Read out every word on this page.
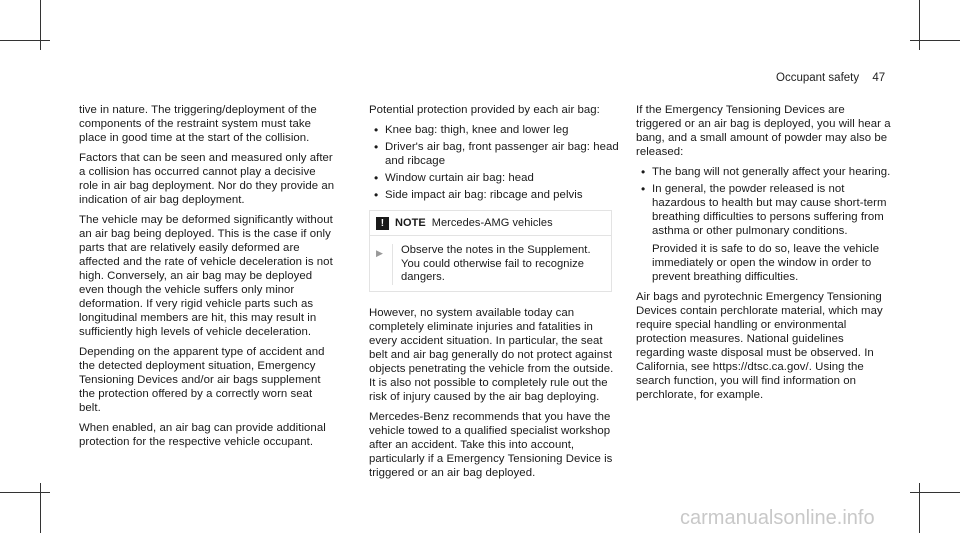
Occupant safety 47

tive in nature. The triggering/deployment of the components of the restraint system must take place in good time at the start of the collision.

Factors that can be seen and measured only after a collision has occurred cannot play a decisive role in air bag deployment. Nor do they provide an indication of air bag deployment.

The vehicle may be deformed significantly without an air bag being deployed. This is the case if only parts that are relatively easily deformed are affected and the rate of vehicle deceleration is not high. Conversely, an air bag may be deployed even though the vehicle suffers only minor deformation. If very rigid vehicle parts such as longitudinal members are hit, this may result in sufficiently high levels of vehicle deceleration.

Depending on the apparent type of accident and the detected deployment situation, Emergency Tensioning Devices and/or air bags supplement the protection offered by a correctly worn seat belt.

When enabled, an air bag can provide additional protection for the respective vehicle occupant.

Potential protection provided by each air bag:

• Knee bag: thigh, knee and lower leg
• Driver's air bag, front passenger air bag: head and ribcage
• Window curtain air bag: head
• Side impact air bag: ribcage and pelvis
! NOTE Mercedes-AMG vehicles
▶	Observe the notes in the Supplement. You could otherwise fail to recognize dangers.

However, no system available today can completely eliminate injuries and fatalities in every accident situation. In particular, the seat belt and air bag generally do not protect against objects penetrating the vehicle from the outside. It is also not possible to completely rule out the risk of injury caused by the air bag deploying.

Mercedes-Benz recommends that you have the vehicle towed to a qualified specialist workshop after an accident. Take this into account, particularly if a Emergency Tensioning Device is triggered or an air bag deployed.

If the Emergency Tensioning Devices are triggered or an air bag is deployed, you will hear a bang, and a small amount of powder may also be released:

• The bang will not generally affect your hearing.
• In general, the powder released is not hazardous to health but may cause short-term breathing difficulties to persons suffering from asthma or other pulmonary conditions.

Provided it is safe to do so, leave the vehicle immediately or open the window in order to prevent breathing difficulties.

Air bags and pyrotechnic Emergency Tensioning Devices contain perchlorate material, which may require special handling or environmental protection measures. National guidelines regarding waste disposal must be observed. In California, see https://dtsc.ca.gov/. Using the search function, you will find information on perchlorate, for example.

carmanualsonline.info
